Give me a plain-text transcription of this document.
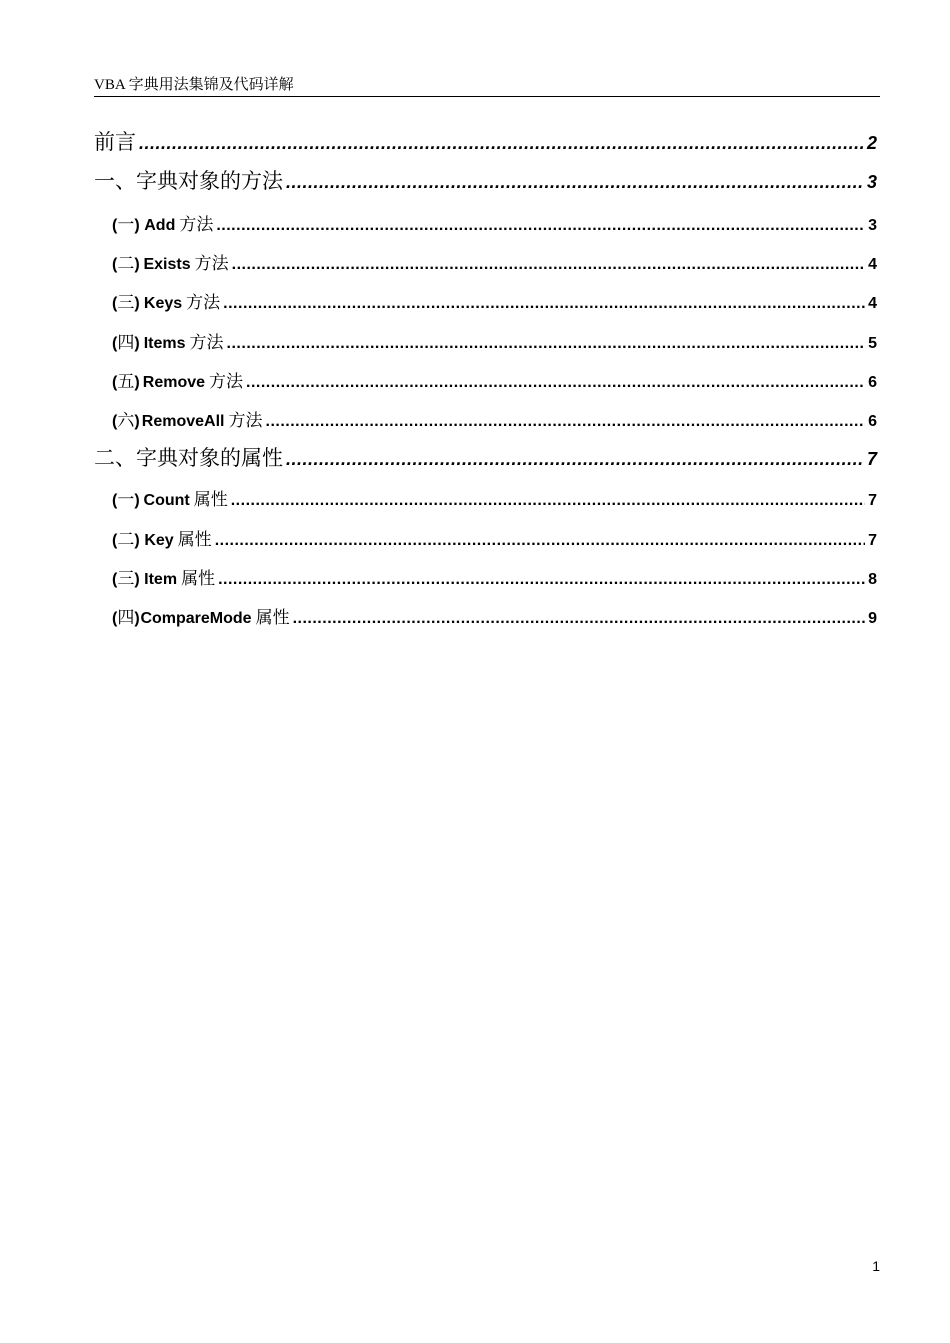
VBA 字典用法集锦及代码详解
前言 .....	2
一、 字典对象的方法 .....	3
(一) Add 方法 .....	3
(二) Exists 方法 .....	4
(三) Keys 方法 .....	4
(四) Items 方法 .....	5
(五) Remove 方法 .....	6
(六) RemoveAll 方法 .....	6
二、 字典对象的属性 .....	7
(一) Count 属性 .....	7
(二) Key 属性 .....	7
(三) Item 属性 .....	8
(四) CompareMode 属性 .....	9
1
